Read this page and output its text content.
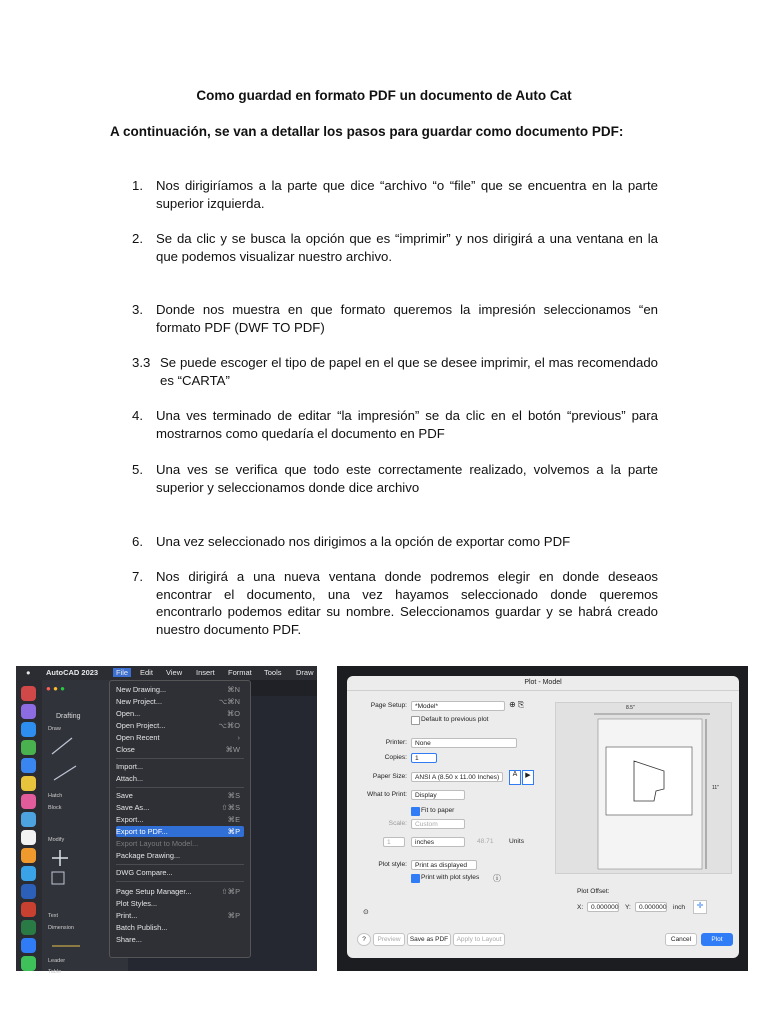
Como guardad en formato PDF un documento de Auto Cat
A continuación, se van a detallar los pasos para guardar como documento PDF:
1. Nos dirigiríamos a la parte que dice “archivo “o “file” que se encuentra en la parte superior izquierda.
2. Se da clic y se busca la opción que es “imprimir” y nos dirigirá a una ventana en la que podemos visualizar nuestro archivo.
3. Donde nos muestra en que formato queremos la impresión seleccionamos “en formato PDF (DWF TO PDF)
3.3 Se puede escoger el tipo de papel en el que se desee imprimir, el mas recomendado es “CARTA”
4. Una ves terminado de editar “la impresión” se da clic en el botón “previous” para mostrarnos como quedaría el documento en PDF
5. Una ves se verifica que todo este correctamente realizado, volvemos a la parte superior y seleccionamos donde dice archivo
6. Una vez seleccionado nos dirigimos a la opción de exportar como PDF
7. Nos dirigirá a una nueva ventana donde podremos elegir en donde deseaos encontrar el documento, una vez hayamos seleccionado donde queremos encontrarlo podemos editar su nombre. Seleccionamos guardar y se habrá creado nuestro documento PDF.
● AutoCAD 2023	File	Edit View Insert Format Tools Draw
● ● ●
Drafting
Draw
Hatch
Block
Modify
Text
Dimension
Leader
Table
New Drawing...	⌘N
New Project...	⌥⌘N
Open...	⌘O
Open Project...	⌥⌘O
Open Recent	›
Close	⌘W
Import...
Attach...
Save	⌘S
Save As...	⇧⌘S
Export...	⌘E
Export to PDF...	⌘P
Export Layout to Model...
Package Drawing...
DWG Compare...
Page Setup Manager...	⇧⌘P
Plot Styles...
Print...	⌘P
Batch Publish...
Share...
Plot - Model
Page Setup:	*Model*	⊕ ⎘
Default to previous plot
Printer:	None
Copies:	1
Paper Size:	ANSI A (8.50 x 11.00 Inches)	A	▶
What to Print:	Display
Fit to paper
Scale:	Custom
1	inches	48.71 Units
Plot style:	Print as displayed
Print with plot styles ⓘ
⊙
8.5"
11"
Plot Offset:
X:	0.000000 Y:	0.000000 inch	✛
?	Preview	Save as PDF	Apply to Layout	Cancel	Plot
